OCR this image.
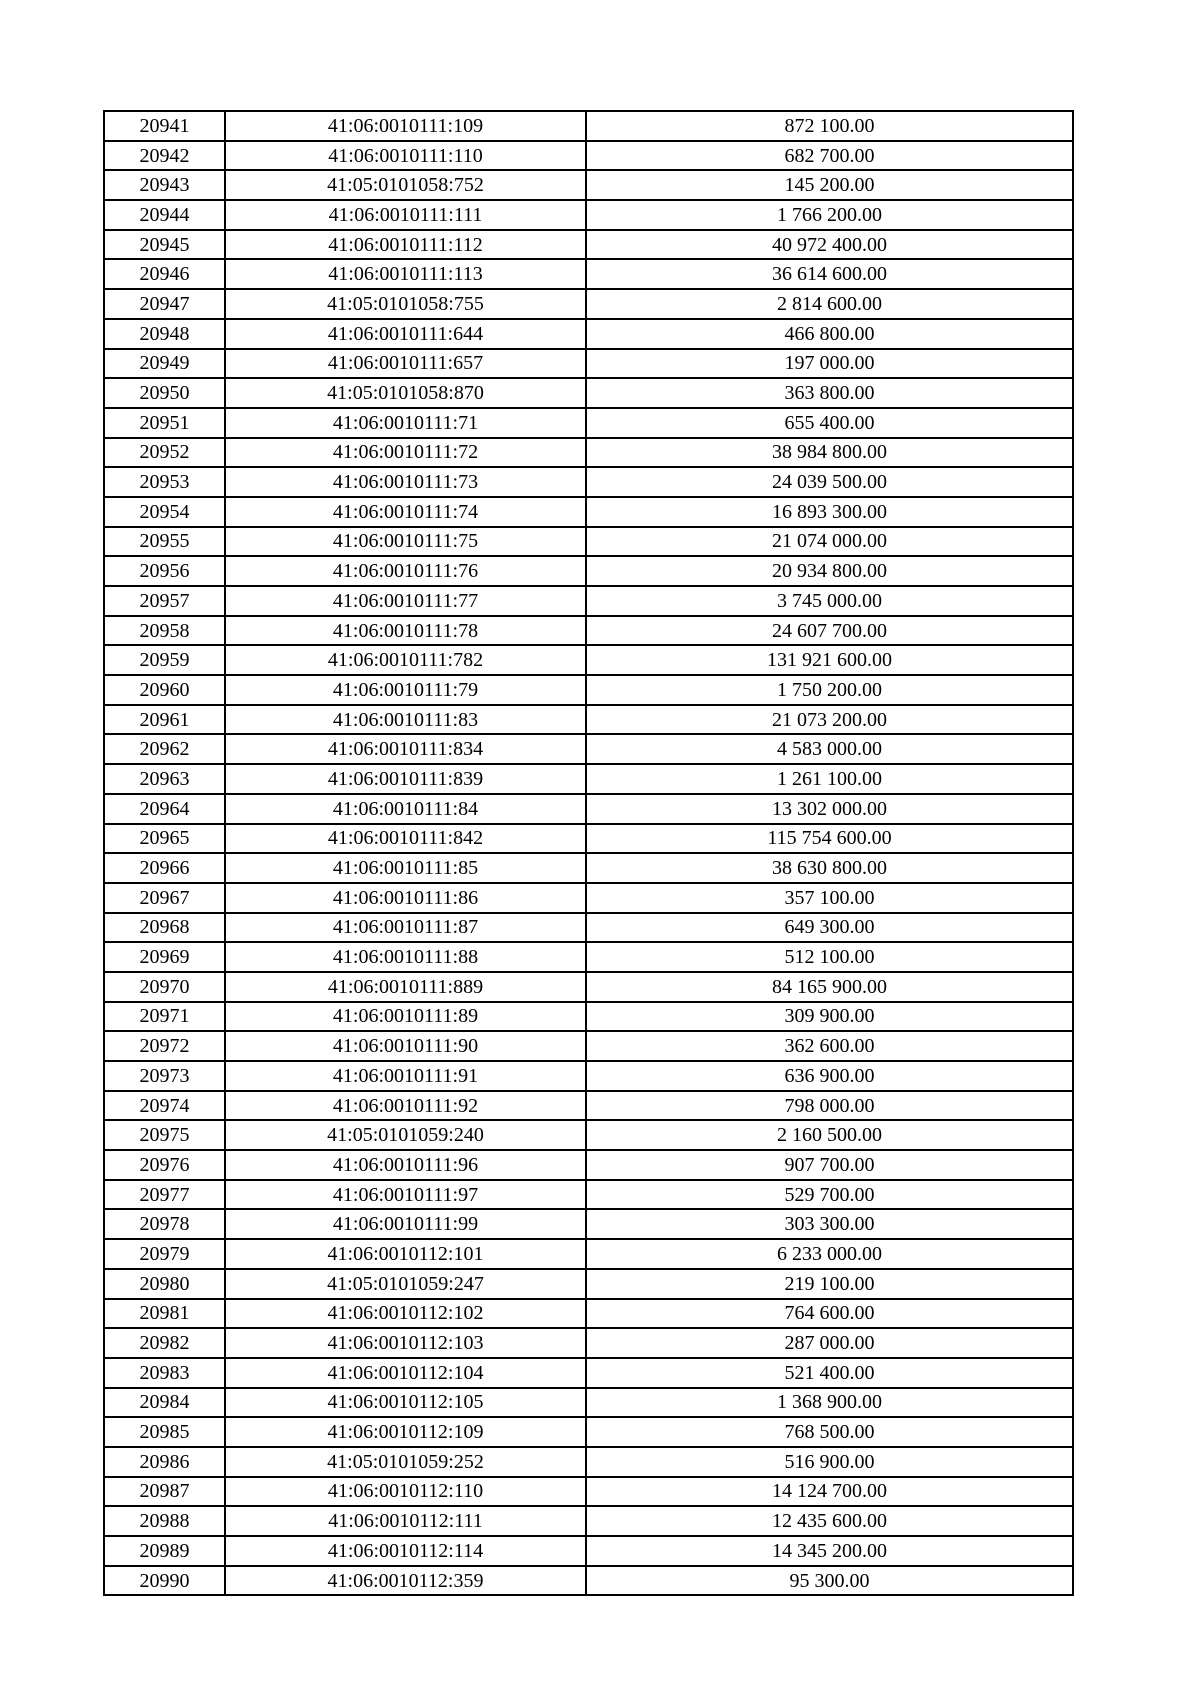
20941	41:06:0010111:109	872 100.00
20942	41:06:0010111:110	682 700.00
20943	41:05:0101058:752	145 200.00
20944	41:06:0010111:111	1 766 200.00
20945	41:06:0010111:112	40 972 400.00
20946	41:06:0010111:113	36 614 600.00
20947	41:05:0101058:755	2 814 600.00
20948	41:06:0010111:644	466 800.00
20949	41:06:0010111:657	197 000.00
20950	41:05:0101058:870	363 800.00
20951	41:06:0010111:71	655 400.00
20952	41:06:0010111:72	38 984 800.00
20953	41:06:0010111:73	24 039 500.00
20954	41:06:0010111:74	16 893 300.00
20955	41:06:0010111:75	21 074 000.00
20956	41:06:0010111:76	20 934 800.00
20957	41:06:0010111:77	3 745 000.00
20958	41:06:0010111:78	24 607 700.00
20959	41:06:0010111:782	131 921 600.00
20960	41:06:0010111:79	1 750 200.00
20961	41:06:0010111:83	21 073 200.00
20962	41:06:0010111:834	4 583 000.00
20963	41:06:0010111:839	1 261 100.00
20964	41:06:0010111:84	13 302 000.00
20965	41:06:0010111:842	115 754 600.00
20966	41:06:0010111:85	38 630 800.00
20967	41:06:0010111:86	357 100.00
20968	41:06:0010111:87	649 300.00
20969	41:06:0010111:88	512 100.00
20970	41:06:0010111:889	84 165 900.00
20971	41:06:0010111:89	309 900.00
20972	41:06:0010111:90	362 600.00
20973	41:06:0010111:91	636 900.00
20974	41:06:0010111:92	798 000.00
20975	41:05:0101059:240	2 160 500.00
20976	41:06:0010111:96	907 700.00
20977	41:06:0010111:97	529 700.00
20978	41:06:0010111:99	303 300.00
20979	41:06:0010112:101	6 233 000.00
20980	41:05:0101059:247	219 100.00
20981	41:06:0010112:102	764 600.00
20982	41:06:0010112:103	287 000.00
20983	41:06:0010112:104	521 400.00
20984	41:06:0010112:105	1 368 900.00
20985	41:06:0010112:109	768 500.00
20986	41:05:0101059:252	516 900.00
20987	41:06:0010112:110	14 124 700.00
20988	41:06:0010112:111	12 435 600.00
20989	41:06:0010112:114	14 345 200.00
20990	41:06:0010112:359	95 300.00
